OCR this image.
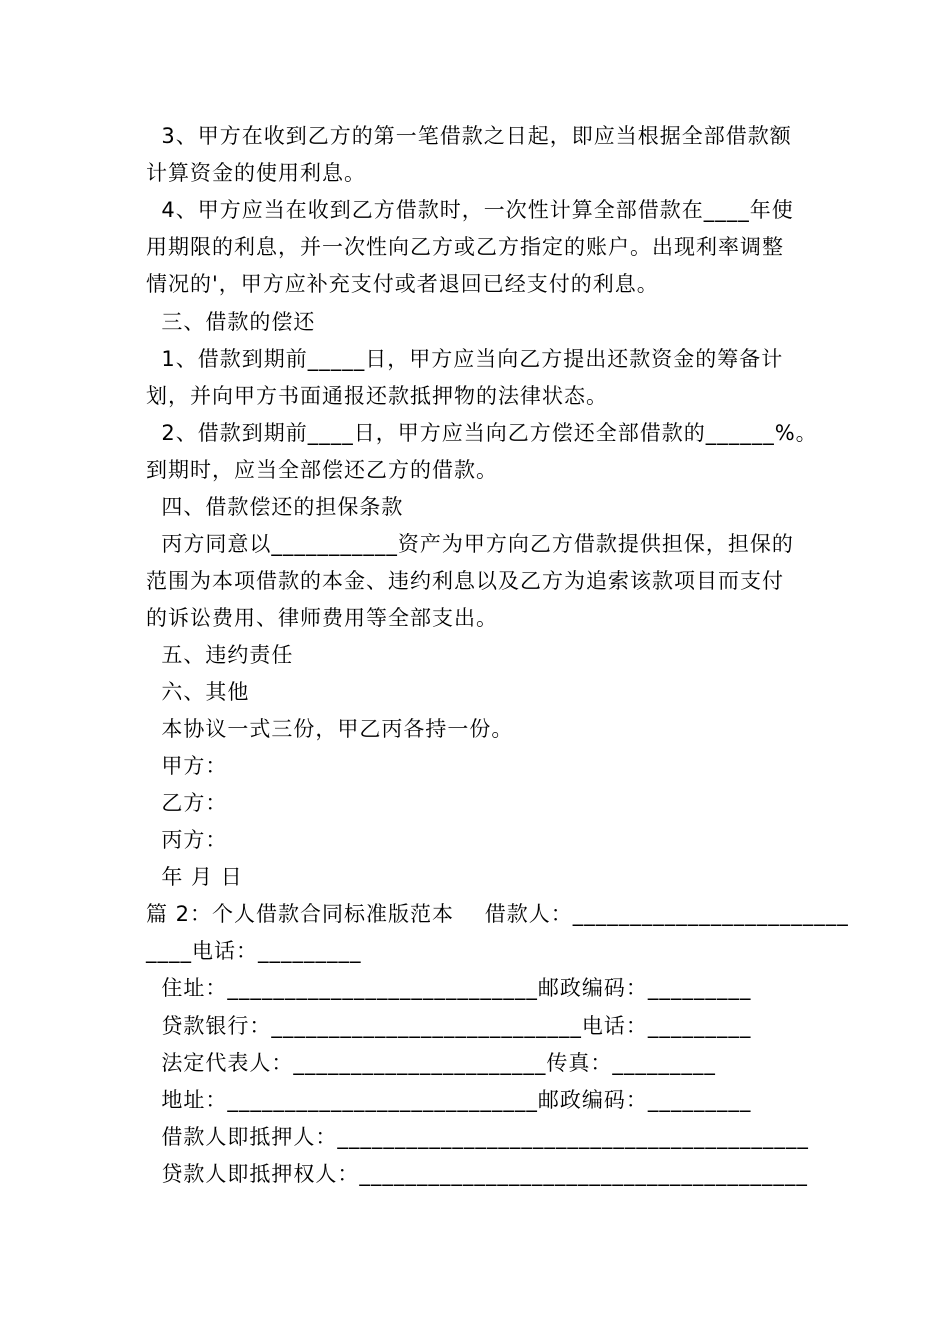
3、甲方在收到乙方的第一笔借款之日起，即应当根据全部借款额
计算资金的使用利息。
4、甲方应当在收到乙方借款时，一次性计算全部借款在____年使
用期限的利息，并一次性向乙方或乙方指定的账户。出现利率调整
情况的'，甲方应补充支付或者退回已经支付的利息。
三、借款的偿还
1、借款到期前_____日，甲方应当向乙方提出还款资金的筹备计
划，并向甲方书面通报还款抵押物的法律状态。
2、借款到期前____日，甲方应当向乙方偿还全部借款的______%。
到期时，应当全部偿还乙方的借款。
四、借款偿还的担保条款
丙方同意以___________资产为甲方向乙方借款提供担保，担保的
范围为本项借款的本金、违约利息以及乙方为追索该款项目而支付
的诉讼费用、律师费用等全部支出。
五、违约责任
六、其他
本协议一式三份，甲乙丙各持一份。
甲方：
乙方：
丙方：
年 月 日
篇 2：个人借款合同标准版范本    借款人：________________________
____电话：_________
住址：___________________________邮政编码：_________
贷款银行：___________________________电话：_________
法定代表人：______________________传真：_________
地址：___________________________邮政编码：_________
借款人即抵押人：_________________________________________
贷款人即抵押权人：_______________________________________
